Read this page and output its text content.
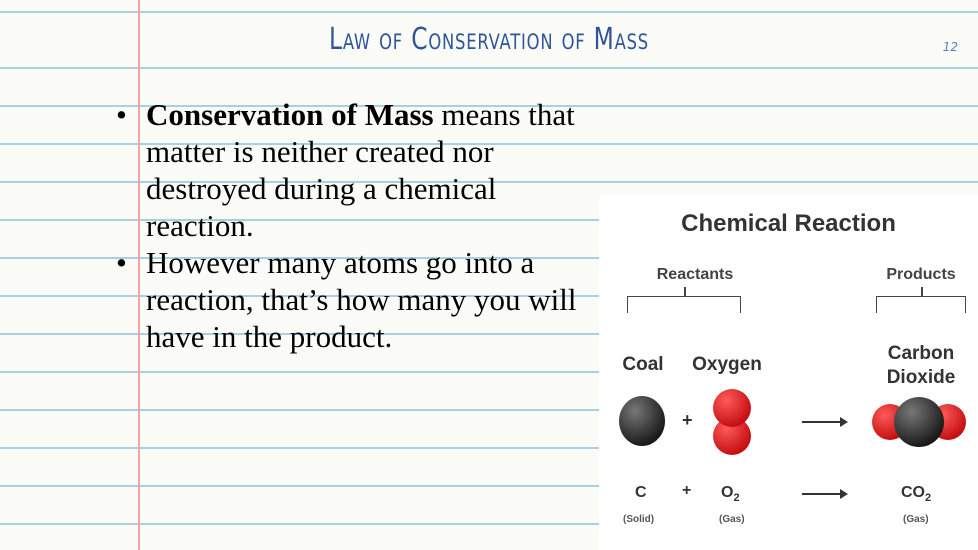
Law of Conservation of Mass	12
• Conservation of Mass means that matter is neither created nor destroyed during a chemical reaction.
• However many atoms go into a reaction, that’s how many you will have in the product.
Chemical Reaction
Reactants	Products
Coal	Oxygen
Carbon Dioxide
+
$C + O_2$	$CO_2$
(Solid)	(Gas)	(Gas)
